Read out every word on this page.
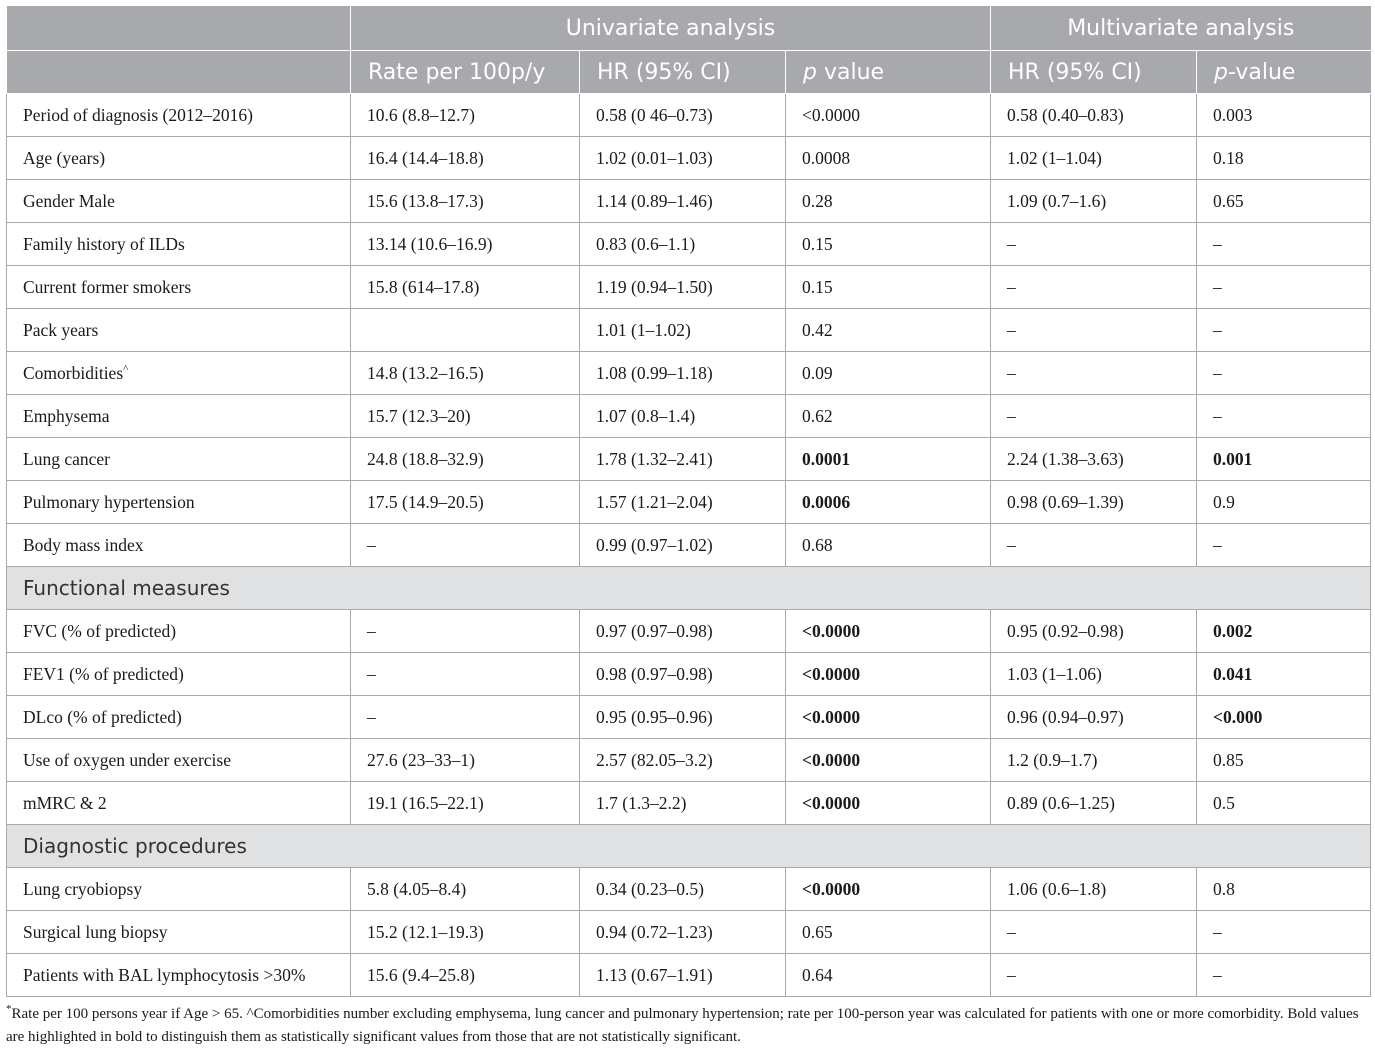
	Univariate analysis			Multivariate analysis	
	Rate per 100p/y	HR (95% CI)	p value	HR (95% CI)	p-value
Period of diagnosis (2012–2016)	10.6 (8.8–12.7)	0.58 (0 46–0.73)	<0.0000	0.58 (0.40–0.83)	0.003
Age (years)	16.4 (14.4–18.8)	1.02 (0.01–1.03)	0.0008	1.02 (1–1.04)	0.18
Gender Male	15.6 (13.8–17.3)	1.14 (0.89–1.46)	0.28	1.09 (0.7–1.6)	0.65
Family history of ILDs	13.14 (10.6–16.9)	0.83 (0.6–1.1)	0.15	–	–
Current former smokers	15.8 (614–17.8)	1.19 (0.94–1.50)	0.15	–	–
Pack years		1.01 (1–1.02)	0.42	–	–
Comorbidities^	14.8 (13.2–16.5)	1.08 (0.99–1.18)	0.09	–	–
Emphysema	15.7 (12.3–20)	1.07 (0.8–1.4)	0.62	–	–
Lung cancer	24.8 (18.8–32.9)	1.78 (1.32–2.41)	0.0001	2.24 (1.38–3.63)	0.001
Pulmonary hypertension	17.5 (14.9–20.5)	1.57 (1.21–2.04)	0.0006	0.98 (0.69–1.39)	0.9
Body mass index	–	0.99 (0.97–1.02)	0.68	–	–
Functional measures					
FVC (% of predicted)	–	0.97 (0.97–0.98)	<0.0000	0.95 (0.92–0.98)	0.002
FEV1 (% of predicted)	–	0.98 (0.97–0.98)	<0.0000	1.03 (1–1.06)	0.041
DLco (% of predicted)	–	0.95 (0.95–0.96)	<0.0000	0.96 (0.94–0.97)	<0.000
Use of oxygen under exercise	27.6 (23–33–1)	2.57 (82.05–3.2)	<0.0000	1.2 (0.9–1.7)	0.85
mMRC & 2	19.1 (16.5–22.1)	1.7 (1.3–2.2)	<0.0000	0.89 (0.6–1.25)	0.5
Diagnostic procedures					
Lung cryobiopsy	5.8 (4.05–8.4)	0.34 (0.23–0.5)	<0.0000	1.06 (0.6–1.8)	0.8
Surgical lung biopsy	15.2 (12.1–19.3)	0.94 (0.72–1.23)	0.65	–	–
Patients with BAL lymphocytosis >30%	15.6 (9.4–25.8)	1.13 (0.67–1.91)	0.64	–	–
*Rate per 100 persons year if Age > 65. ^Comorbidities number excluding emphysema, lung cancer and pulmonary hypertension; rate per 100-person year was calculated for patients with one or more comorbidity. Bold values are highlighted in bold to distinguish them as statistically significant values from those that are not statistically significant.
